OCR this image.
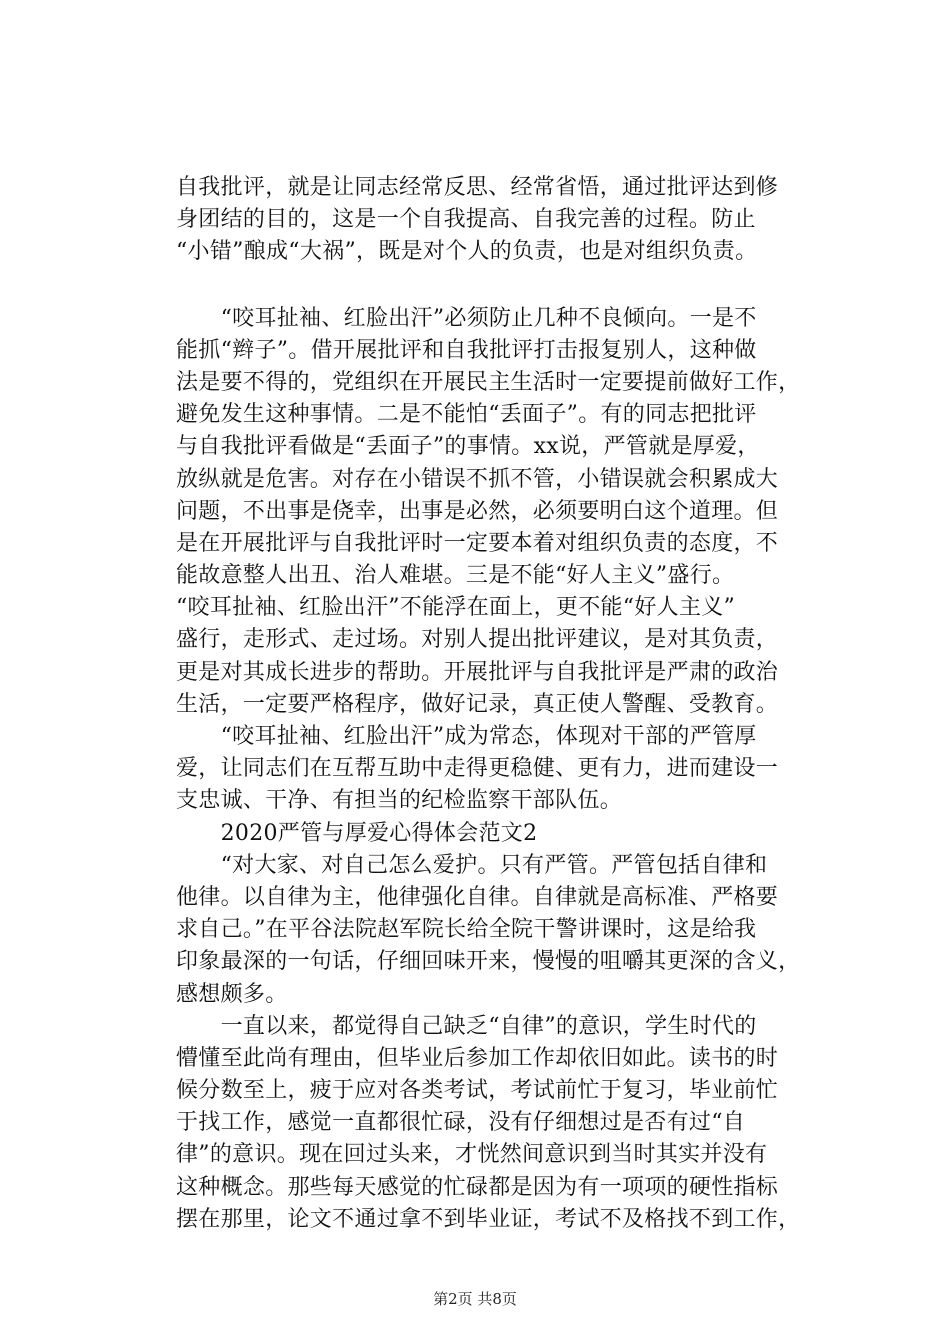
自我批评，就是让同志经常反思、经常省悟，通过批评达到修
身团结的目的，这是一个自我提高、自我完善的过程。防止
“小错”酿成“大祸”，既是对个人的负责，也是对组织负责。
　　“咬耳扯袖、红脸出汗”必须防止几种不良倾向。一是不
能抓“辫子”。借开展批评和自我批评打击报复别人，这种做
法是要不得的，党组织在开展民主生活时一定要提前做好工作，
避免发生这种事情。二是不能怕“丢面子”。有的同志把批评
与自我批评看做是“丢面子”的事情。xx说，严管就是厚爱，
放纵就是危害。对存在小错误不抓不管，小错误就会积累成大
问题，不出事是侥幸，出事是必然，必须要明白这个道理。但
是在开展批评与自我批评时一定要本着对组织负责的态度，不
能故意整人出丑、治人难堪。三是不能“好人主义”盛行。
“咬耳扯袖、红脸出汗”不能浮在面上，更不能“好人主义”
盛行，走形式、走过场。对别人提出批评建议，是对其负责，
更是对其成长进步的帮助。开展批评与自我批评是严肃的政治
生活，一定要严格程序，做好记录，真正使人警醒、受教育。
　　“咬耳扯袖、红脸出汗”成为常态，体现对干部的严管厚
爱，让同志们在互帮互助中走得更稳健、更有力，进而建设一
支忠诚、干净、有担当的纪检监察干部队伍。
　　2020严管与厚爱心得体会范文2
　　“对大家、对自己怎么爱护。只有严管。严管包括自律和
他律。以自律为主，他律强化自律。自律就是高标准、严格要
求自己。”在平谷法院赵军院长给全院干警讲课时，这是给我
印象最深的一句话，仔细回味开来，慢慢的咀嚼其更深的含义，
感想颇多。
　　一直以来，都觉得自己缺乏“自律”的意识，学生时代的
懵懂至此尚有理由，但毕业后参加工作却依旧如此。读书的时
候分数至上，疲于应对各类考试，考试前忙于复习，毕业前忙
于找工作，感觉一直都很忙碌，没有仔细想过是否有过“自
律”的意识。现在回过头来，才恍然间意识到当时其实并没有
这种概念。那些每天感觉的忙碌都是因为有一项项的硬性指标
摆在那里，论文不通过拿不到毕业证，考试不及格找不到工作，
第2页 共8页
